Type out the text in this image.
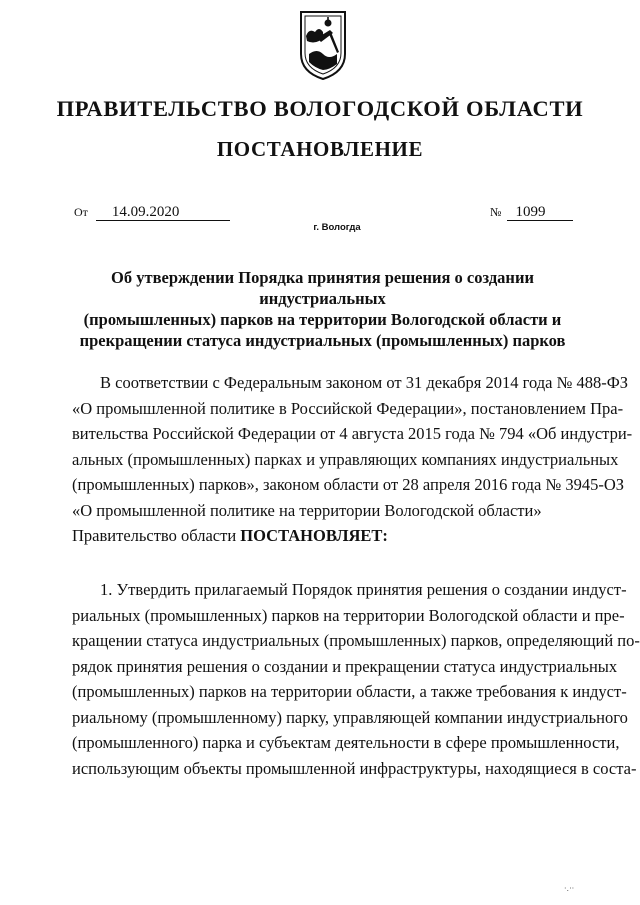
ПРАВИТЕЛЬСТВО ВОЛОГОДСКОЙ ОБЛАСТИ
ПОСТАНОВЛЕНИЕ
От 14.09.2020	№ 1099
г. Вологда
Об утверждении Порядка принятия решения о создании индустриальных
(промышленных) парков на территории Вологодской области и
прекращении статуса индустриальных (промышленных) парков
В соответствии с Федеральным законом от 31 декабря 2014 года № 488-ФЗ
«О промышленной политике в Российской Федерации», постановлением Пра-
вительства Российской Федерации от 4 августа 2015 года № 794 «Об индустри-
альных (промышленных) парках и управляющих компаниях индустриальных
(промышленных) парков», законом области от 28 апреля 2016 года № 3945-ОЗ
«О промышленной политике на территории Вологодской области»
Правительство области ПОСТАНОВЛЯЕТ:
1. Утвердить прилагаемый Порядок принятия решения о создании индуст-
риальных (промышленных) парков на территории Вологодской области и пре-
кращении статуса индустриальных (промышленных) парков, определяющий по-
рядок принятия решения о создании и прекращении статуса индустриальных
(промышленных) парков на территории области, а также требования к индуст-
риальному (промышленному) парку, управляющей компании индустриального
(промышленного) парка и субъектам деятельности в сфере промышленности,
использующим объекты промышленной инфраструктуры, находящиеся в соста-
·.··
